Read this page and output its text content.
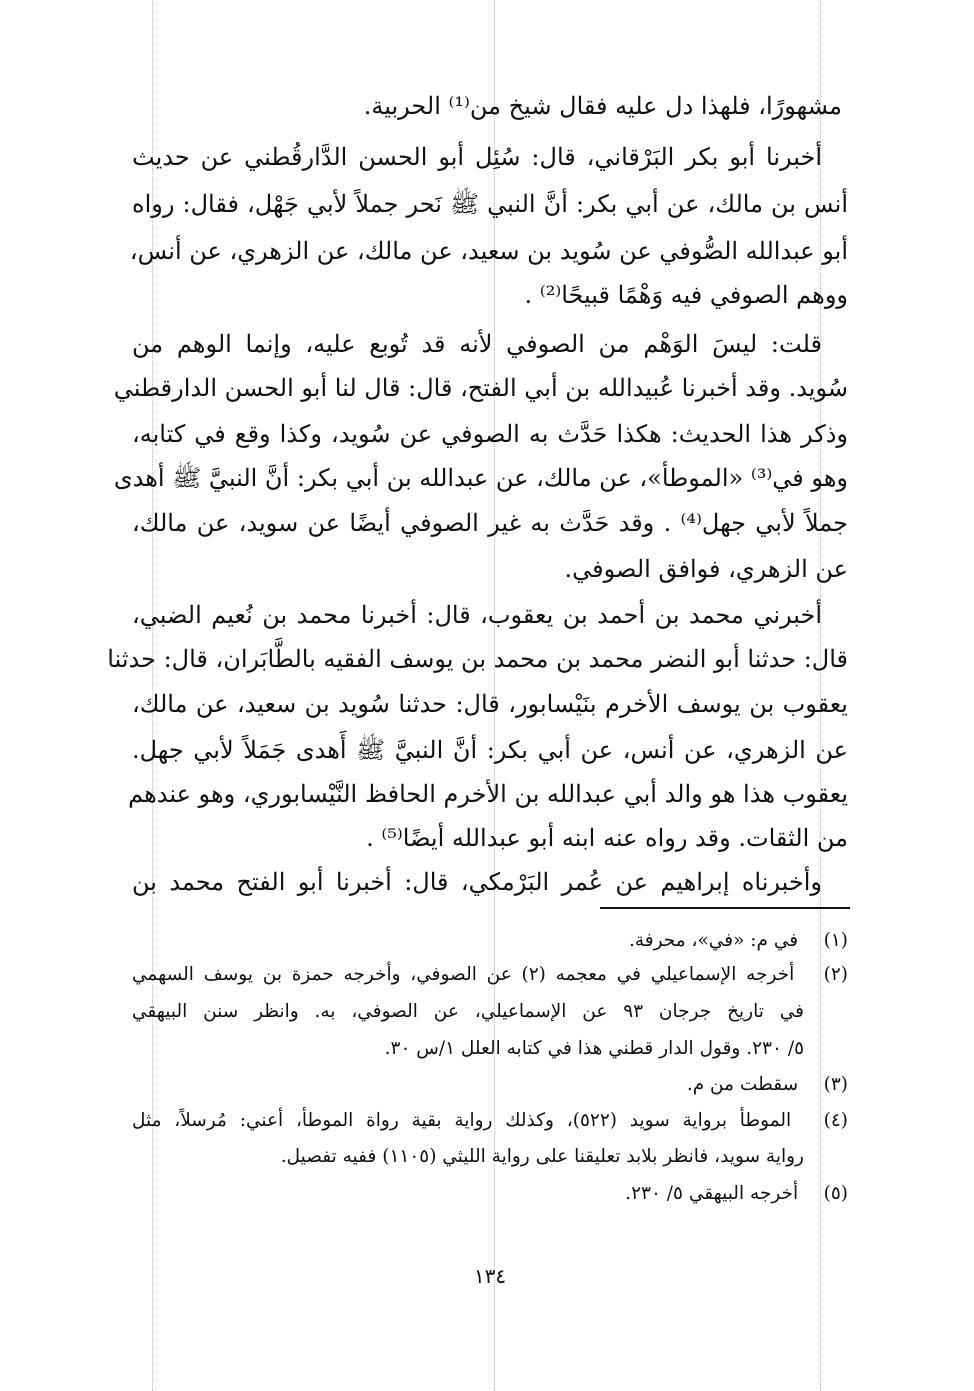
مشهورًا، فلهذا دل عليه فقال شيخ من⁽¹⁾ الحربية.
أخبرنا أبو بكر البَرْقاني، قال: سُئِل أبو الحسن الدَّارقُطني عن حديث
أنس بن مالك، عن أبي بكر: أنَّ النبي ﷺ نَحر جملاً لأبي جَهْل، فقال: رواه
أبو عبدالله الصُّوفي عن سُويد بن سعيد، عن مالك، عن الزهري، عن أنس،
ووهم الصوفي فيه وَهْمًا قبيحًا⁽²⁾ .
قلت: ليسَ الوَهْم من الصوفي لأنه قد تُوبع عليه، وإنما الوهم من
سُويد. وقد أخبرنا عُبيدالله بن أبي الفتح، قال: قال لنا أبو الحسن الدارقطني
وذكر هذا الحديث: هكذا حَدَّث به الصوفي عن سُويد، وكذا وقع في كتابه،
وهو في⁽³⁾ «الموطأ»، عن مالك، عن عبدالله بن أبي بكر: أنَّ النبيَّ ﷺ أهدى
جملاً لأبي جهل⁽⁴⁾ . وقد حَدَّث به غير الصوفي أيضًا عن سويد، عن مالك،
عن الزهري، فوافق الصوفي.
أخبرني محمد بن أحمد بن يعقوب، قال: أخبرنا محمد بن نُعيم الضبي،
قال: حدثنا أبو النضر محمد بن محمد بن يوسف الفقيه بالطَّابَران، قال: حدثنا
يعقوب بن يوسف الأخرم بنَيْسابور، قال: حدثنا سُويد بن سعيد، عن مالك،
عن الزهري، عن أنس، عن أبي بكر: أنَّ النبيَّ ﷺ أَهدى جَمَلاً لأبي جهل.
يعقوب هذا هو والد أبي عبدالله بن الأخرم الحافظ النَّيْسابوري، وهو عندهم
من الثقات. وقد رواه عنه ابنه أبو عبدالله أيضًا⁽⁵⁾ .
وأخبرناه إبراهيم عن عُمر البَرْمكي، قال: أخبرنا أبو الفتح محمد بن
(١) في م: «في»، محرفة.
(٢) أخرجه الإسماعيلي في معجمه (٢) عن الصوفي، وأخرجه حمزة بن يوسف السهمي
في تاريخ جرجان ٩٣ عن الإسماعيلي، عن الصوفي، به. وانظر سنن البيهقي
٥/ ٢٣٠. وقول الدار قطني هذا في كتابه العلل ١/س ٣٠.
(٣) سقطت من م.
(٤) الموطأ برواية سويد (٥٢٢)، وكذلك رواية بقية رواة الموطأ، أعني: مُرسلاً، مثل
رواية سويد، فانظر بلابد تعليقنا على رواية الليثي (١١٠٥) ففيه تفصيل.
(٥) أخرجه البيهقي ٥/ ٢٣٠.
١٣٤
